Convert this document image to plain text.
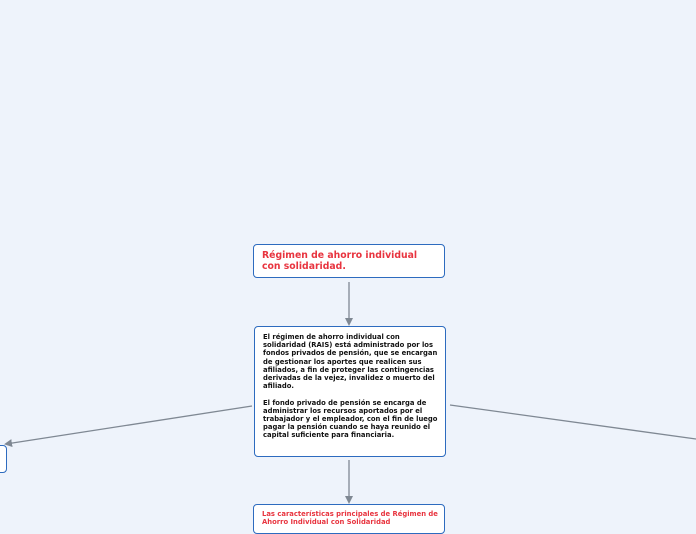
Régimen de ahorro individual con solidaridad.

El régimen de ahorro individual con solidaridad (RAIS) está administrado por los fondos privados de pensión, que se encargan de gestionar los aportes que realicen sus afiliados, a fin de proteger las contingencias derivadas de la vejez, invalidez o muerto del afiliado.

El fondo privado de pensión se encarga de administrar los recursos aportados por el trabajador y el empleador, con el fin de luego pagar la pensión cuando se haya reunido el capital suficiente para financiaria.

Las características principales de Régimen de Ahorro Individual con Solidaridad
